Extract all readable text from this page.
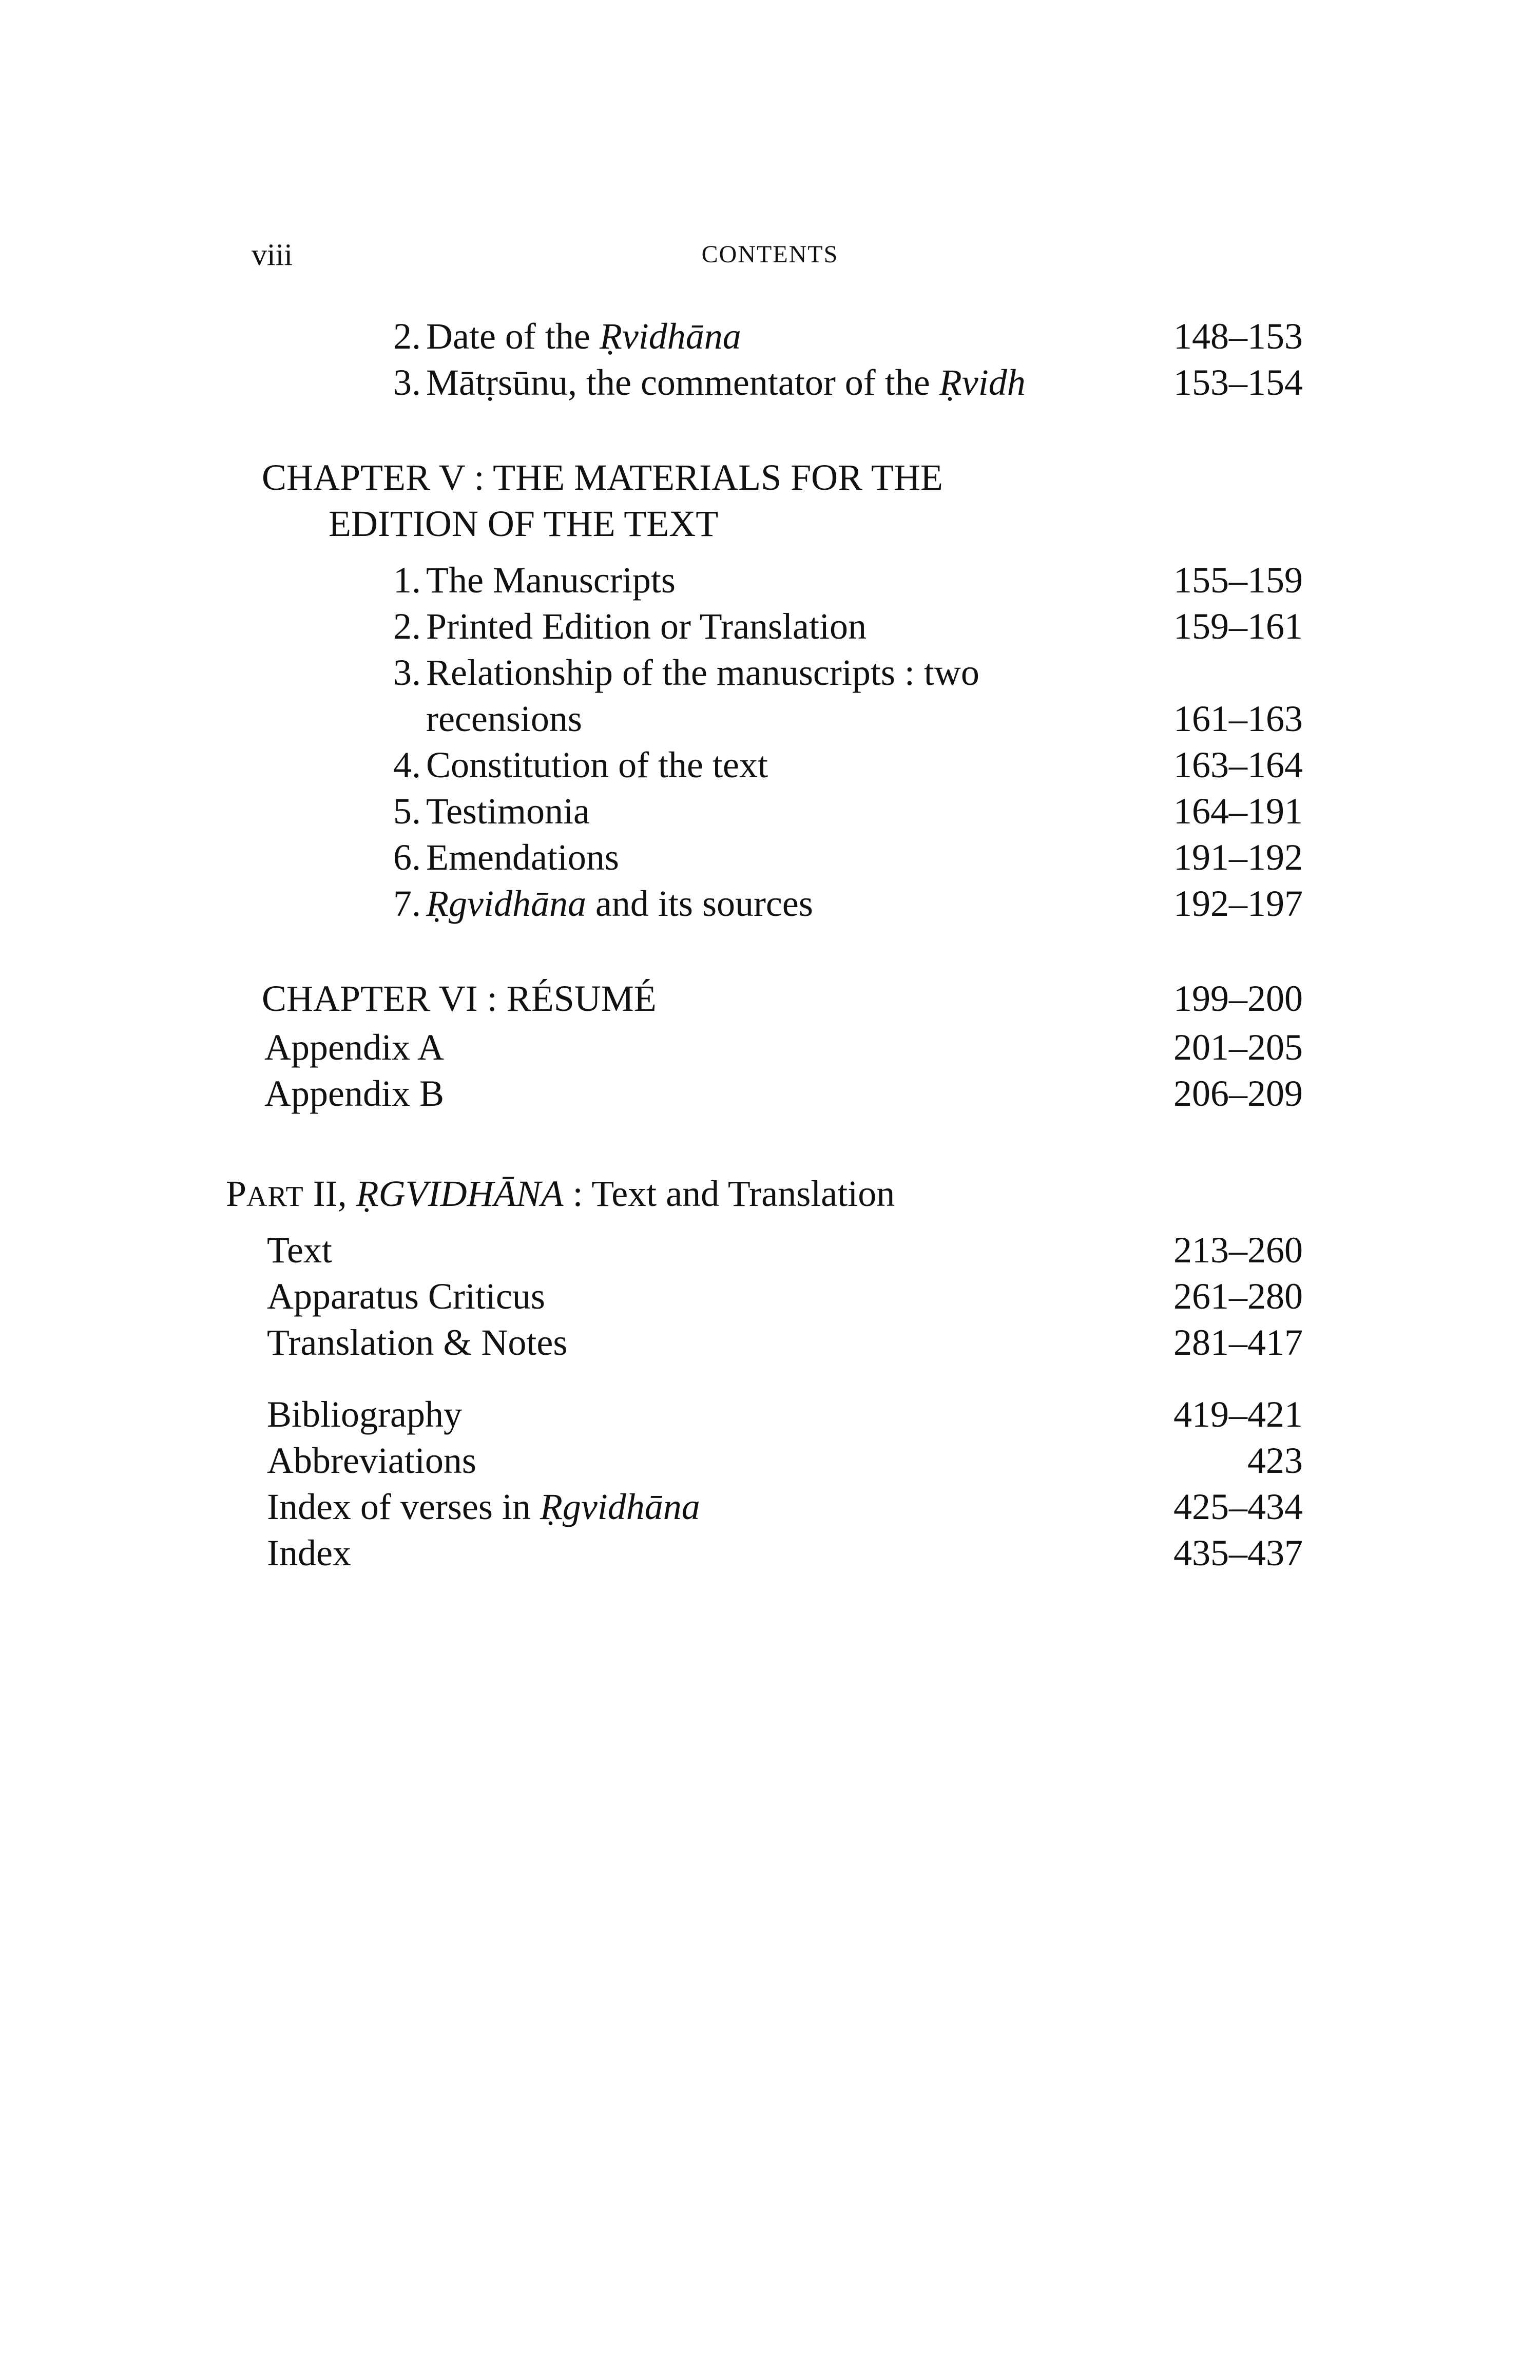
viii	CONTENTS
2. Date of the Ṛvidhāna	148–153
3. Mātṛsūnu, the commentator of the Ṛvidh	153–154
CHAPTER V : THE MATERIALS FOR THE
EDITION OF THE TEXT
1. The Manuscripts	155–159
2. Printed Edition or Translation	159–161
3. Relationship of the manuscripts : two
recensions	161–163
4. Constitution of the text	163–164
5. Testimonia	164–191
6. Emendations	191–192
7. Ṛgvidhāna and its sources	192–197
CHAPTER VI : RÉSUMÉ	199–200
Appendix A	201–205
Appendix B	206–209
PART II, ṚGVIDHĀNA : Text and Translation
Text	213–260
Apparatus Criticus	261–280
Translation & Notes	281–417
Bibliography	419–421
Abbreviations	423
Index of verses in Ṛgvidhāna	425–434
Index	435–437
